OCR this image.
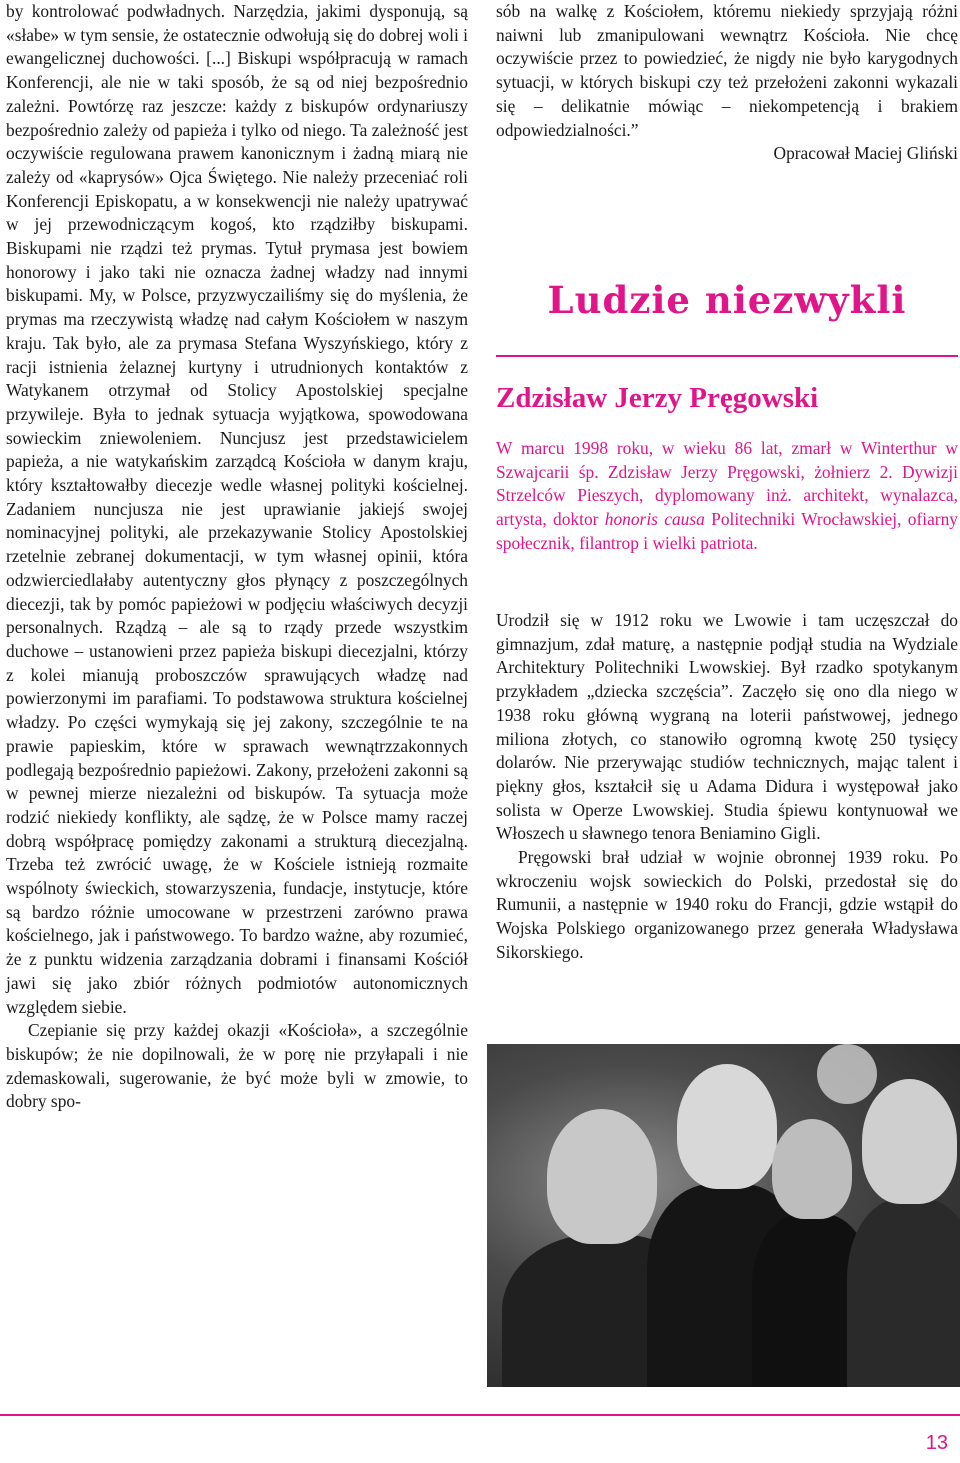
by kontrolować podwładnych. Narzędzia, jakimi dysponują, są «słabe» w tym sensie, że ostatecznie odwołują się do dobrej woli i ewangelicznej duchowości. [...] Biskupi współpracują w ramach Konferencji, ale nie w taki sposób, że są od niej bezpośrednio zależni. Powtórzę raz jeszcze: każdy z biskupów ordynariuszy bezpośrednio zależy od papieża i tylko od niego. Ta zależność jest oczywiście regulowana prawem kanonicznym i żadną miarą nie zależy od «kaprysów» Ojca Świętego. Nie należy przeceniać roli Konferencji Episkopatu, a w konsekwencji nie należy upatrywać w jej przewodniczącym kogoś, kto rządziłby biskupami. Biskupami nie rządzi też prymas. Tytuł prymasa jest bowiem honorowy i jako taki nie oznacza żadnej władzy nad innymi biskupami. My, w Polsce, przyzwyczailiśmy się do myślenia, że prymas ma rzeczywistą władzę nad całym Kościołem w naszym kraju. Tak było, ale za prymasa Stefana Wyszyńskiego, który z racji istnienia żelaznej kurtyny i utrudnionych kontaktów z Watykanem otrzymał od Stolicy Apostolskiej specjalne przywileje. Była to jednak sytuacja wyjątkowa, spowodowana sowieckim zniewoleniem. Nuncjusz jest przedstawicielem papieża, a nie watykańskim zarządcą Kościoła w danym kraju, który kształtowałby diecezje wedle własnej polityki kościelnej. Zadaniem nuncjusza nie jest uprawianie jakiejś swojej nominacyjnej polityki, ale przekazywanie Stolicy Apostolskiej rzetelnie zebranej dokumentacji, w tym własnej opinii, która odzwierciedlałaby autentyczny głos płynący z poszczególnych diecezji, tak by pomóc papieżowi w podjęciu właściwych decyzji personalnych. Rządzą – ale są to rządy przede wszystkim duchowe – ustanowieni przez papieża biskupi diecezjalni, którzy z kolei mianują proboszczów sprawujących władzę nad powierzonymi im parafiami. To podstawowa struktura kościelnej władzy. Po części wymykają się jej zakony, szczególnie te na prawie papieskim, które w sprawach wewnątrzzakonnych podlegają bezpośrednio papieżowi. Zakony, przełożeni zakonni są w pewnej mierze niezależni od biskupów. Ta sytuacja może rodzić niekiedy konflikty, ale sądzę, że w Polsce mamy raczej dobrą współpracę pomiędzy zakonami a strukturą diecezjalną. Trzeba też zwrócić uwagę, że w Kościele istnieją rozmaite wspólnoty świeckich, stowarzyszenia, fundacje, instytucje, które są bardzo różnie umocowane w przestrzeni zarówno prawa kościelnego, jak i państwowego. To bardzo ważne, aby rozumieć, że z punktu widzenia zarządzania dobrami i finansami Kościół jawi się jako zbiór różnych podmiotów autonomicznych względem siebie.

Czepianie się przy każdej okazji «Kościoła», a szczególnie biskupów; że nie dopilnowali, że w porę nie przyłapali i nie zdemaskowali, sugerowanie, że być może byli w zmowie, to dobry spo-

sób na walkę z Kościołem, któremu niekiedy sprzyjają różni naiwni lub zmanipulowani wewnątrz Kościoła. Nie chcę oczywiście przez to powiedzieć, że nigdy nie było karygodnych sytuacji, w których biskupi czy też przełożeni zakonni wykazali się – delikatnie mówiąc – niekompetencją i brakiem odpowiedzialności.”

Opracował Maciej Gliński

Ludzie niezwykli
Zdzisław Jerzy Pręgowski

W marcu 1998 roku, w wieku 86 lat, zmarł w Winterthur w Szwajcarii śp. Zdzisław Jerzy Pręgowski, żołnierz 2. Dywizji Strzelców Pieszych, dyplomowany inż. architekt, wynalazca, artysta, doktor honoris causa Politechniki Wrocławskiej, ofiarny społecznik, filantrop i wielki patriota.

Urodził się w 1912 roku we Lwowie i tam uczęszczał do gimnazjum, zdał maturę, a następnie podjął studia na Wydziale Architektury Politechniki Lwowskiej. Był rzadko spotykanym przykładem „dziecka szczęścia”. Zaczęło się ono dla niego w 1938 roku główną wygraną na loterii państwowej, jednego miliona złotych, co stanowiło ogromną kwotę 250 tysięcy dolarów. Nie przerywając studiów technicznych, mając talent i piękny głos, kształcił się u Adama Didura i występował jako solista w Operze Lwowskiej. Studia śpiewu kontynuował we Włoszech u sławnego tenora Beniamino Gigli.

Pręgowski brał udział w wojnie obronnej 1939 roku. Po wkroczeniu wojsk sowieckich do Polski, przedostał się do Rumunii, a następnie w 1940 roku do Francji, gdzie wstąpił do Wojska Polskiego organizowanego przez generała Władysława Sikorskiego.

13
